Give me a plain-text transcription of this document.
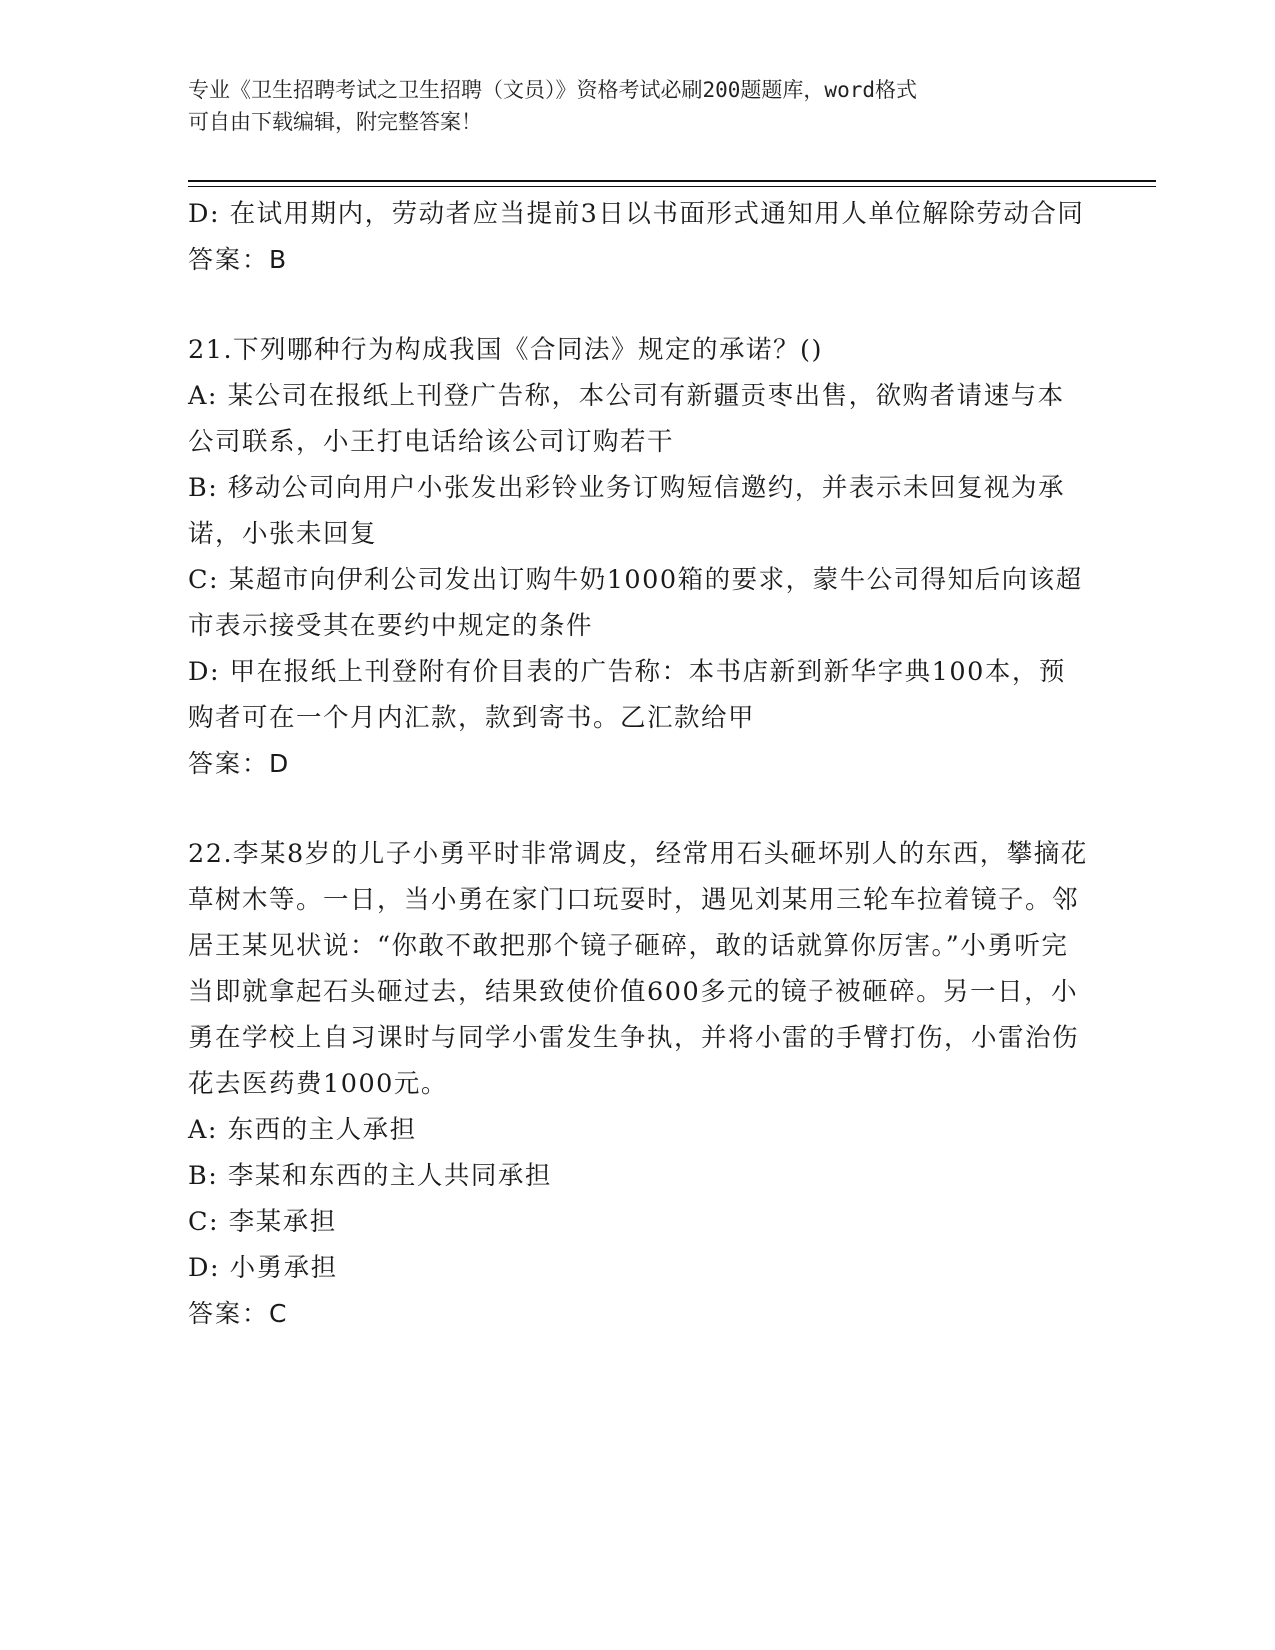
专业《卫生招聘考试之卫生招聘（文员）》资格考试必刷200题题库，word格式
可自由下载编辑，附完整答案！

D: 在试用期内，劳动者应当提前3日以书面形式通知用人单位解除劳动合同

答案：B

21.下列哪种行为构成我国《合同法》规定的承诺？()

A: 某公司在报纸上刊登广告称，本公司有新疆贡枣出售，欲购者请速与本公司联系，小王打电话给该公司订购若干

B: 移动公司向用户小张发出彩铃业务订购短信邀约，并表示未回复视为承诺，小张未回复

C: 某超市向伊利公司发出订购牛奶1000箱的要求，蒙牛公司得知后向该超市表示接受其在要约中规定的条件

D: 甲在报纸上刊登附有价目表的广告称：本书店新到新华字典100本，预购者可在一个月内汇款，款到寄书。乙汇款给甲

答案：D

22.李某8岁的儿子小勇平时非常调皮，经常用石头砸坏别人的东西，攀摘花草树木等。一日，当小勇在家门口玩耍时，遇见刘某用三轮车拉着镜子。邻居王某见状说：“你敢不敢把那个镜子砸碎，敢的话就算你厉害。”小勇听完当即就拿起石头砸过去，结果致使价值600多元的镜子被砸碎。另一日，小勇在学校上自习课时与同学小雷发生争执，并将小雷的手臂打伤，小雷治伤花去医药费1000元。

A: 东西的主人承担

B: 李某和东西的主人共同承担

C: 李某承担

D: 小勇承担

答案：C
